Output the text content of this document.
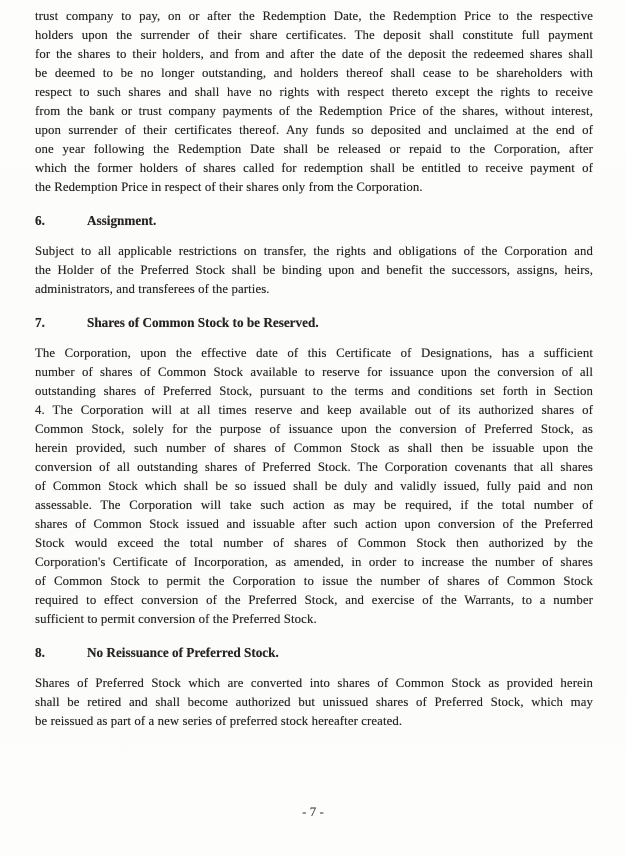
trust company to pay, on or after the Redemption Date, the Redemption Price to the respective
holders upon the surrender of their share certificates. The deposit shall constitute full payment
for the shares to their holders, and from and after the date of the deposit the redeemed shares shall
be deemed to be no longer outstanding, and holders thereof shall cease to be shareholders with
respect to such shares and shall have no rights with respect thereto except the rights to receive
from the bank or trust company payments of the Redemption Price of the shares, without interest,
upon surrender of their certificates thereof. Any funds so deposited and unclaimed at the end of
one year following the Redemption Date shall be released or repaid to the Corporation, after
which the former holders of shares called for redemption shall be entitled to receive payment of
the Redemption Price in respect of their shares only from the Corporation.
6.	Assignment.
Subject to all applicable restrictions on transfer, the rights and obligations of the Corporation and
the Holder of the Preferred Stock shall be binding upon and benefit the successors, assigns, heirs,
administrators, and transferees of the parties.
7.	Shares of Common Stock to be Reserved.
The Corporation, upon the effective date of this Certificate of Designations, has a sufficient
number of shares of Common Stock available to reserve for issuance upon the conversion of all
outstanding shares of Preferred Stock, pursuant to the terms and conditions set forth in Section
4. The Corporation will at all times reserve and keep available out of its authorized shares of
Common Stock, solely for the purpose of issuance upon the conversion of Preferred Stock, as
herein provided, such number of shares of Common Stock as shall then be issuable upon the
conversion of all outstanding shares of Preferred Stock. The Corporation covenants that all shares
of Common Stock which shall be so issued shall be duly and validly issued, fully paid and non
assessable. The Corporation will take such action as may be required, if the total number of
shares of Common Stock issued and issuable after such action upon conversion of the Preferred
Stock would exceed the total number of shares of Common Stock then authorized by the
Corporation's Certificate of Incorporation, as amended, in order to increase the number of shares
of Common Stock to permit the Corporation to issue the number of shares of Common Stock
required to effect conversion of the Preferred Stock, and exercise of the Warrants, to a number
sufficient to permit conversion of the Preferred Stock.
8.	No Reissuance of Preferred Stock.
Shares of Preferred Stock which are converted into shares of Common Stock as provided herein
shall be retired and shall become authorized but unissued shares of Preferred Stock, which may
be reissued as part of a new series of preferred stock hereafter created.
- 7 -
